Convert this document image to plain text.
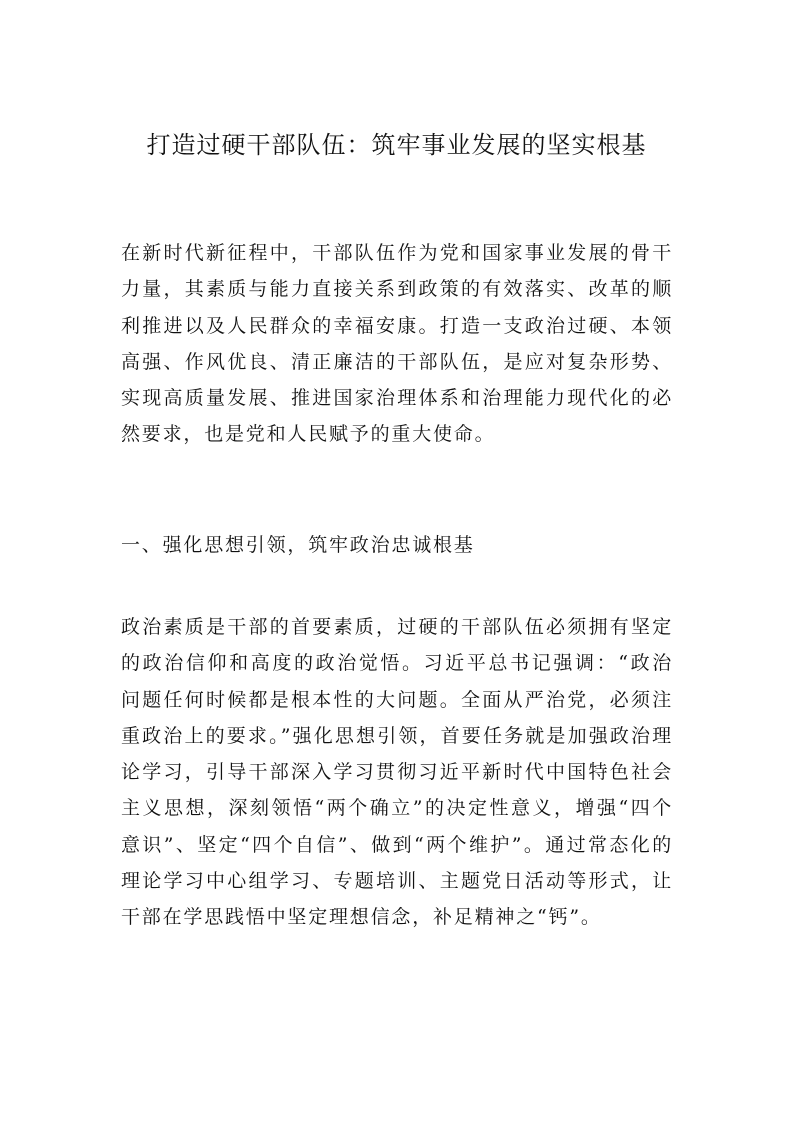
打造过硬干部队伍：筑牢事业发展的坚实根基

在新时代新征程中，干部队伍作为党和国家事业发展的骨干力量，其素质与能力直接关系到政策的有效落实、改革的顺利推进以及人民群众的幸福安康。打造一支政治过硬、本领高强、作风优良、清正廉洁的干部队伍，是应对复杂形势、实现高质量发展、推进国家治理体系和治理能力现代化的必然要求，也是党和人民赋予的重大使命。

一、强化思想引领，筑牢政治忠诚根基

政治素质是干部的首要素质，过硬的干部队伍必须拥有坚定的政治信仰和高度的政治觉悟。习近平总书记强调：“政治问题任何时候都是根本性的大问题。全面从严治党，必须注重政治上的要求。”强化思想引领，首要任务就是加强政治理论学习，引导干部深入学习贯彻习近平新时代中国特色社会主义思想，深刻领悟“两个确立”的决定性意义，增强“四个意识”、坚定“四个自信”、做到“两个维护”。通过常态化的理论学习中心组学习、专题培训、主题党日活动等形式，让干部在学思践悟中坚定理想信念，补足精神之“钙”。
